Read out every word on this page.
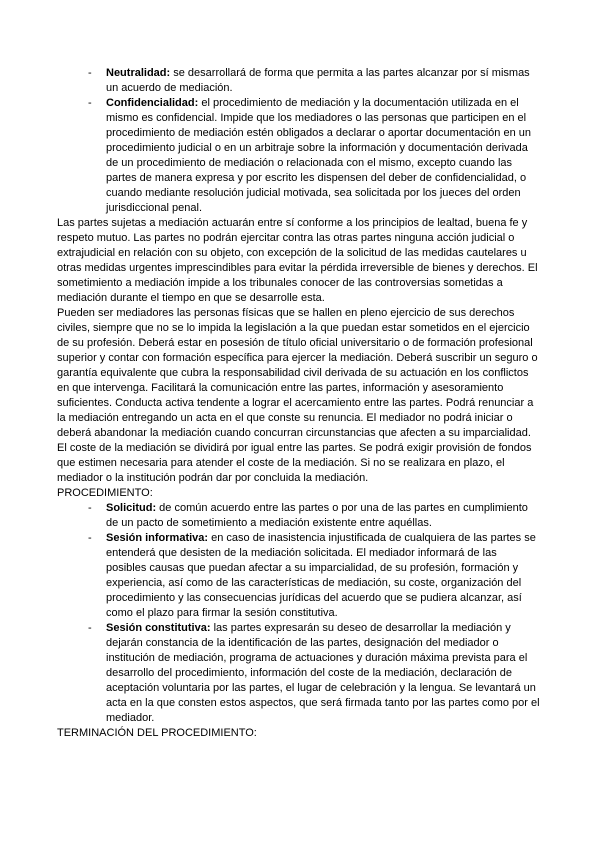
- Neutralidad: se desarrollará de forma que permita a las partes alcanzar por sí mismas un acuerdo de mediación.
- Confidencialidad: el procedimiento de mediación y la documentación utilizada en el mismo es confidencial. Impide que los mediadores o las personas que participen en el procedimiento de mediación estén obligados a declarar o aportar documentación en un procedimiento judicial o en un arbitraje sobre la información y documentación derivada de un procedimiento de mediación o relacionada con el mismo, excepto cuando las partes de manera expresa y por escrito les dispensen del deber de confidencialidad, o cuando mediante resolución judicial motivada, sea solicitada por los jueces del orden jurisdiccional penal.

Las partes sujetas a mediación actuarán entre sí conforme a los principios de lealtad, buena fe y respeto mutuo. Las partes no podrán ejercitar contra las otras partes ninguna acción judicial o extrajudicial en relación con su objeto, con excepción de la solicitud de las medidas cautelares u otras medidas urgentes imprescindibles para evitar la pérdida irreversible de bienes y derechos. El sometimiento a mediación impide a los tribunales conocer de las controversias sometidas a mediación durante el tiempo en que se desarrolle esta.

Pueden ser mediadores las personas físicas que se hallen en pleno ejercicio de sus derechos civiles, siempre que no se lo impida la legislación a la que puedan estar sometidos en el ejercicio de su profesión. Deberá estar en posesión de título oficial universitario o de formación profesional superior y contar con formación específica para ejercer la mediación. Deberá suscribir un seguro o garantía equivalente que cubra la responsabilidad civil derivada de su actuación en los conflictos en que intervenga. Facilitará la comunicación entre las partes, información y asesoramiento suficientes. Conducta activa tendente a lograr el acercamiento entre las partes. Podrá renunciar a la mediación entregando un acta en el que conste su renuncia. El mediador no podrá iniciar o deberá abandonar la mediación cuando concurran circunstancias que afecten a su imparcialidad.

El coste de la mediación se dividirá por igual entre las partes. Se podrá exigir provisión de fondos que estimen necesaria para atender el coste de la mediación. Si no se realizara en plazo, el mediador o la institución podrán dar por concluida la mediación.

PROCEDIMIENTO:

- Solicitud: de común acuerdo entre las partes o por una de las partes en cumplimiento de un pacto de sometimiento a mediación existente entre aquéllas.
- Sesión informativa: en caso de inasistencia injustificada de cualquiera de las partes se entenderá que desisten de la mediación solicitada. El mediador informará de las posibles causas que puedan afectar a su imparcialidad, de su profesión, formación y experiencia, así como de las características de mediación, su coste, organización del procedimiento y las consecuencias jurídicas del acuerdo que se pudiera alcanzar, así como el plazo para firmar la sesión constitutiva.
- Sesión constitutiva: las partes expresarán su deseo de desarrollar la mediación y dejarán constancia de la identificación de las partes, designación del mediador o institución de mediación, programa de actuaciones y duración máxima prevista para el desarrollo del procedimiento, información del coste de la mediación, declaración de aceptación voluntaria por las partes, el lugar de celebración y la lengua. Se levantará un acta en la que consten estos aspectos, que será firmada tanto por las partes como por el mediador.

TERMINACIÓN DEL PROCEDIMIENTO:
